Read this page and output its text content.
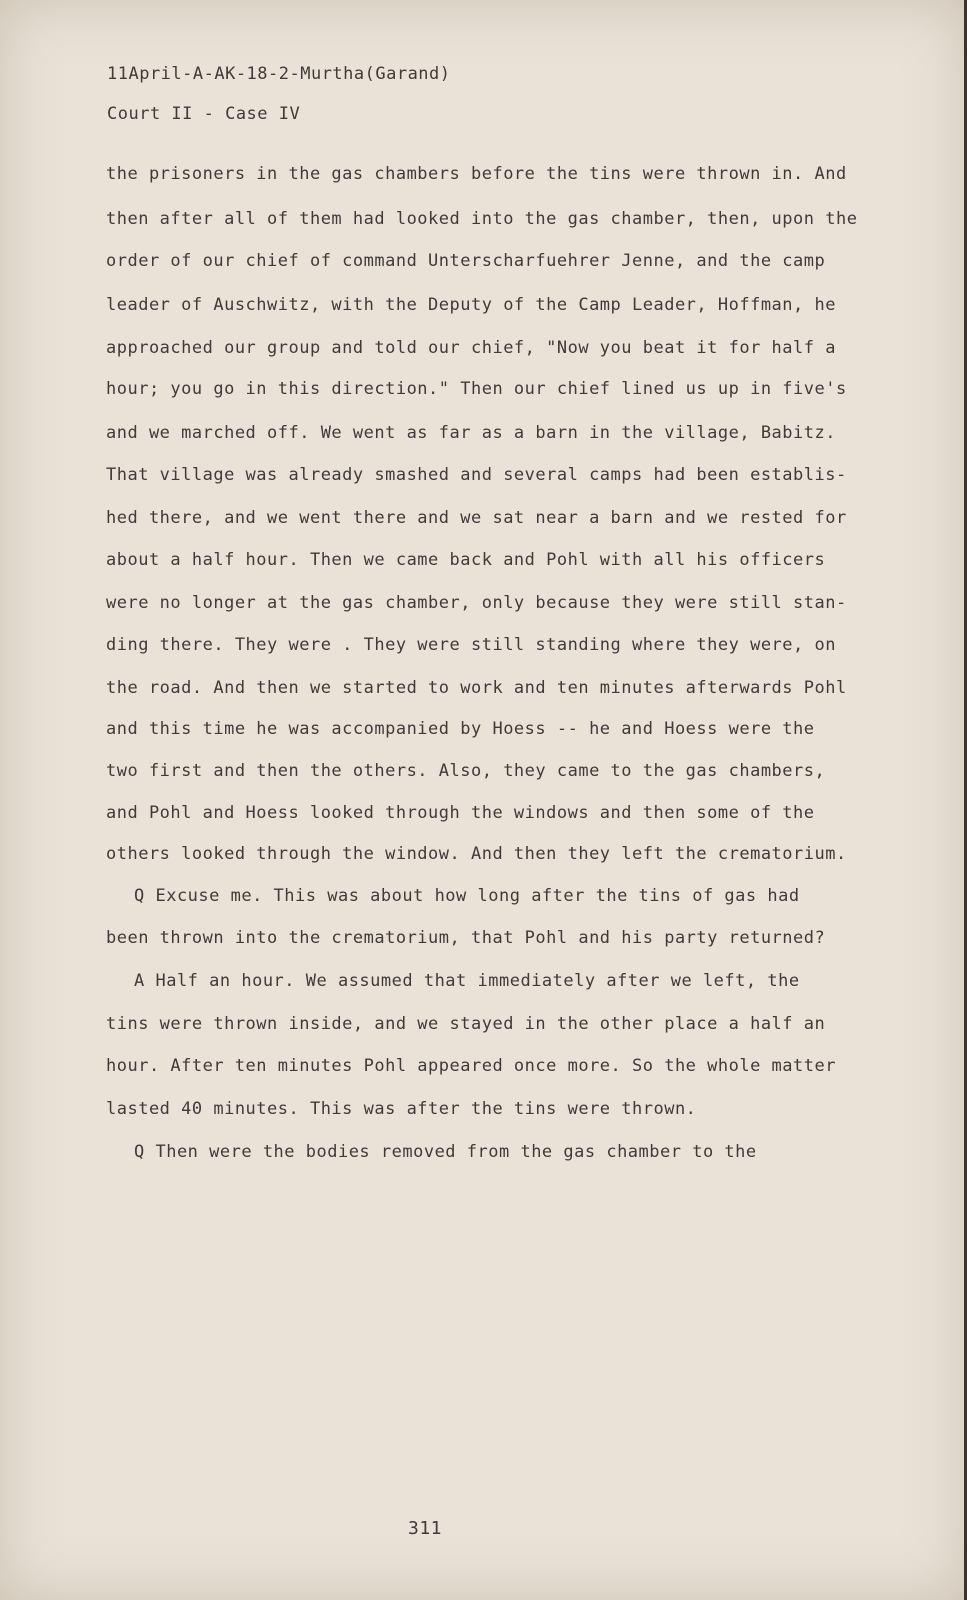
11April-A-AK-18-2-Murtha(Garand)
Court II - Case IV
the prisoners in the gas chambers before the tins were thrown in. And
then after all of them had looked into the gas chamber, then, upon the
order of our chief of command Unterscharfuehrer Jenne, and the camp
leader of Auschwitz, with the Deputy of the Camp Leader, Hoffman, he
approached our group and told our chief, "Now you beat it for half a
hour; you go in this direction." Then our chief lined us up in five's
and we marched off. We went as far as a barn in the village, Babitz.
That village was already smashed and several camps had been establis-
hed there, and we went there and we sat near a barn and we rested for
about a half hour. Then we came back and Pohl with all his officers
were no longer at the gas chamber, only because they were still stan-
ding there. They were . They were still standing where they were, on
the road. And then we started to work and ten minutes afterwards Pohl
and this time he was accompanied by Hoess -- he and Hoess were the
two first and then the others. Also, they came to the gas chambers,
and Pohl and Hoess looked through the windows and then some of the
others looked through the window. And then they left the crematorium.
Q Excuse me. This was about how long after the tins of gas had
been thrown into the crematorium, that Pohl and his party returned?
A Half an hour. We assumed that immediately after we left, the
tins were thrown inside, and we stayed in the other place a half an
hour. After ten minutes Pohl appeared once more. So the whole matter
lasted 40 minutes. This was after the tins were thrown.
Q Then were the bodies removed from the gas chamber to the
311
